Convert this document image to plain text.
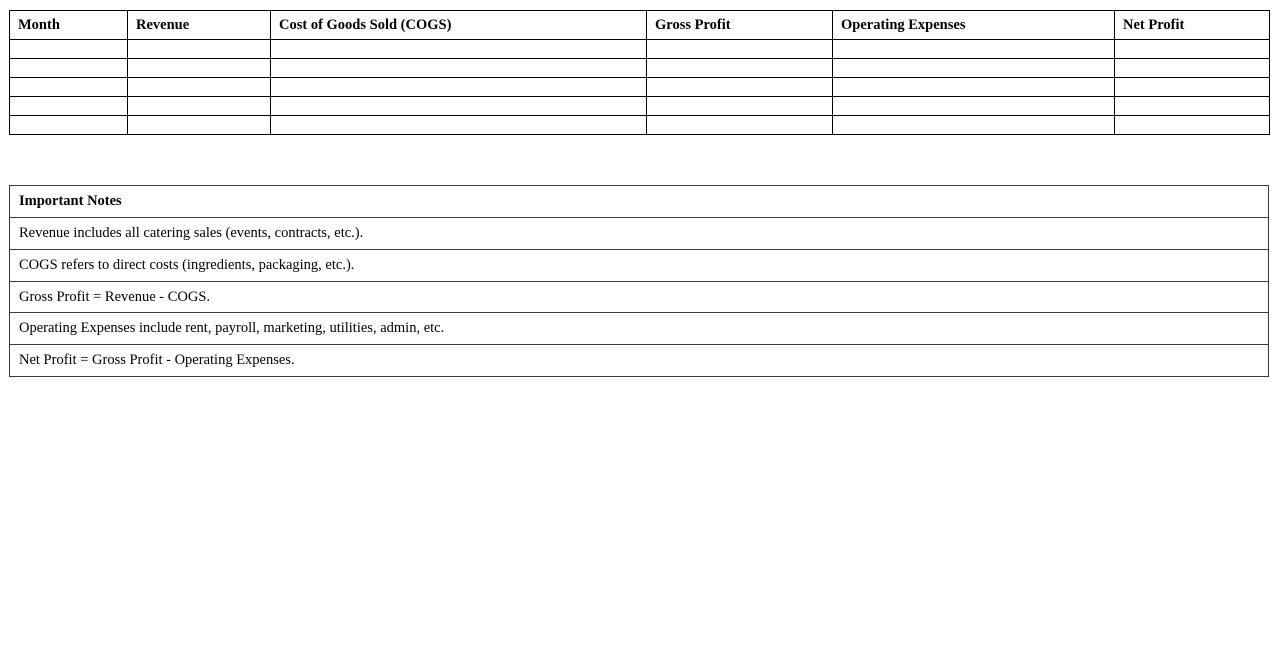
Month	Revenue	Cost of Goods Sold (COGS)	Gross Profit	Operating Expenses	Net Profit

Important Notes
Revenue includes all catering sales (events, contracts, etc.).
COGS refers to direct costs (ingredients, packaging, etc.).
Gross Profit = Revenue - COGS.
Operating Expenses include rent, payroll, marketing, utilities, admin, etc.
Net Profit = Gross Profit - Operating Expenses.
